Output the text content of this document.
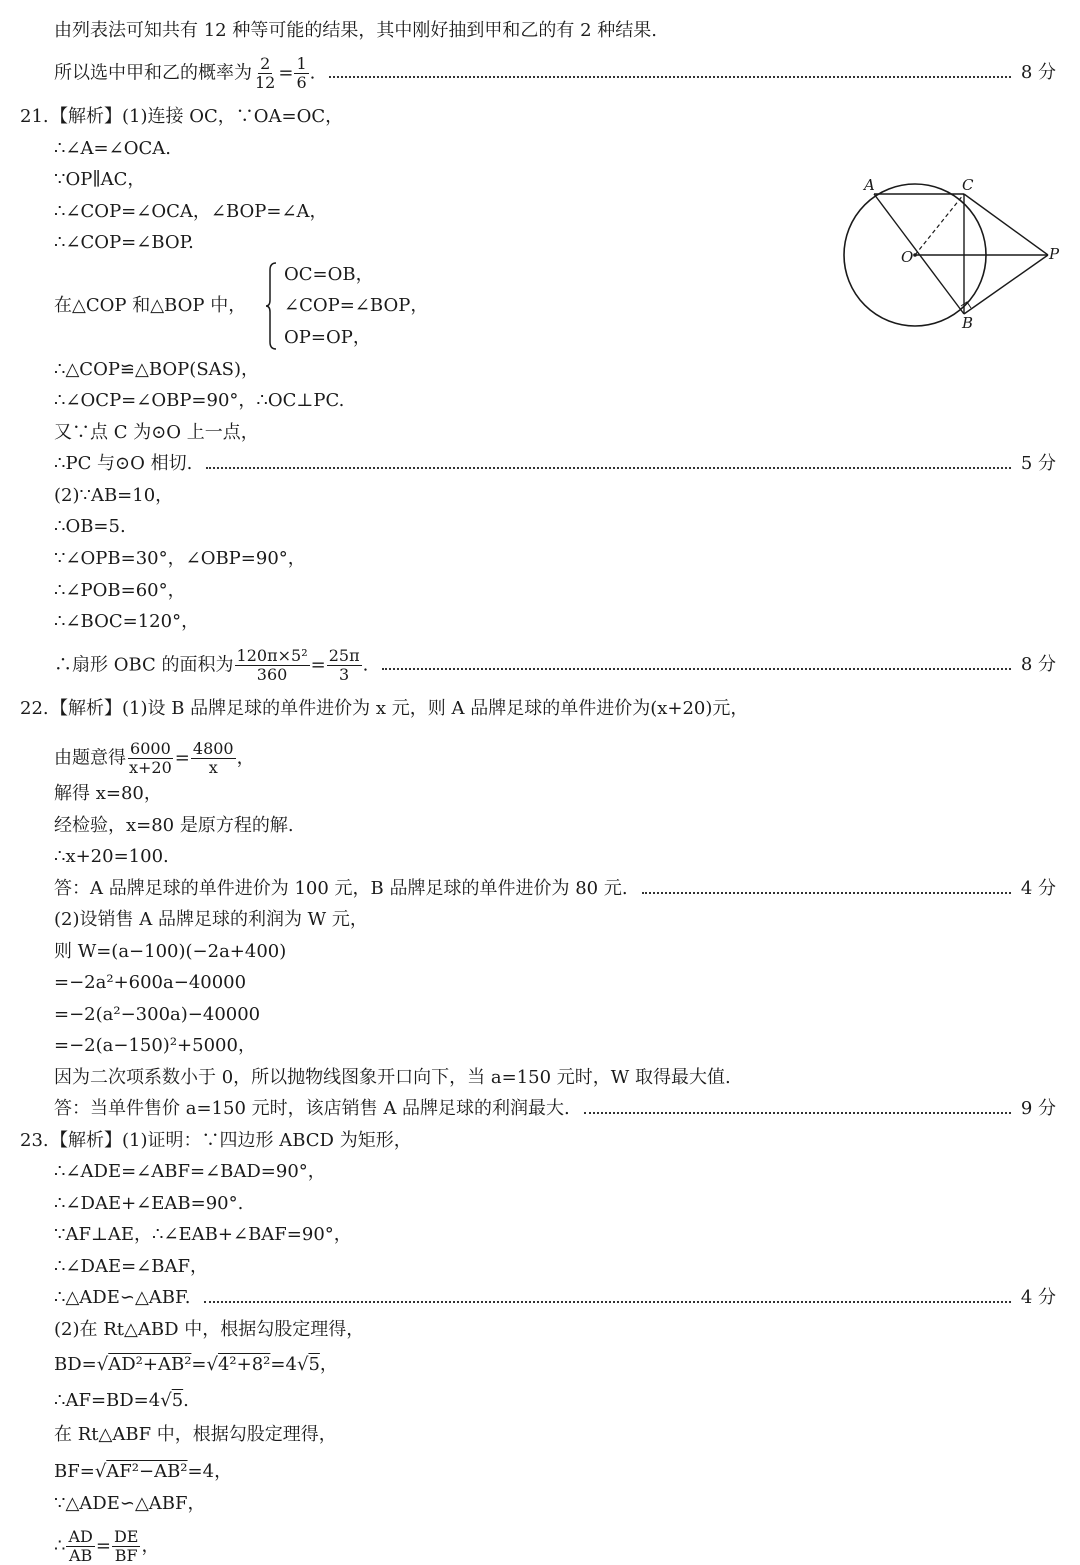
由列表法可知共有 12 种等可能的结果，其中刚好抽到甲和乙的有 2 种结果.
所以选中甲和乙的概率为 $\frac{2}{12} = \frac{1}{6}$ .	8 分
21. 【解析】(1)连接 OC，∵OA=OC，
∴∠A=∠OCA.
∵OP∥AC，
∴∠COP=∠OCA，∠BOP=∠A，
∴∠COP=∠BOP.
在△COP 和△BOP 中，
OC=OB，
∠COP=∠BOP，
OP=OP，
∴△COP≌△BOP(SAS)，
∴∠OCP=∠OBP=90°，∴OC⊥PC.
又∵点 C 为⊙O 上一点，
∴PC 与⊙O 相切.	5 分
(2)∵AB=10，
∴OB=5.
∵∠OPB=30°，∠OBP=90°，
∴∠POB=60°，
∴∠BOC=120°，
∴扇形 OBC 的面积为 $\frac{\text{120π×5²}}{360} = \frac{25\pi}{3}$ .	8 分
A	C
O	P
B
22. 【解析】(1)设 B 品牌足球的单件进价为 x 元，则 A 品牌足球的单件进价为(x+20)元，
由题意得 $\frac{6000}{x+20} = \frac{4800}{x}$ ，
解得 x=80，
经检验，x=80 是原方程的解.
∴x+20=100.
答：A 品牌足球的单件进价为 100 元，B 品牌足球的单件进价为 80 元.	4 分
(2)设销售 A 品牌足球的利润为 W 元，
则 W=(a−100)(−2a+400)
=−2a²+600a−40000
=−2(a²−300a)−40000
=−2(a−150)²+5000，
因为二次项系数小于 0，所以抛物线图象开口向下，当 a=150 元时，W 取得最大值.
答：当单件售价 a=150 元时，该店销售 A 品牌足球的利润最大.	9 分
23. 【解析】(1)证明：∵四边形 ABCD 为矩形，
∴∠ADE=∠ABF=∠BAD=90°，
∴∠DAE+∠EAB=90°.
∵AF⊥AE，∴∠EAB+∠BAF=90°，
∴∠DAE=∠BAF，
∴△ADE∽△ABF.	4 分
(2)在 Rt△ABD 中，根据勾股定理得，
BD=√AD²+AB²=√4²+8²=4√5，
∴AF=BD=4√5.
在 Rt△ABF 中，根据勾股定理得，
BF=√AF²−AB²=4，
∵△ADE∽△ABF，
∴ $\frac{AD}{AB} = \frac{DE}{BF}$ ，
